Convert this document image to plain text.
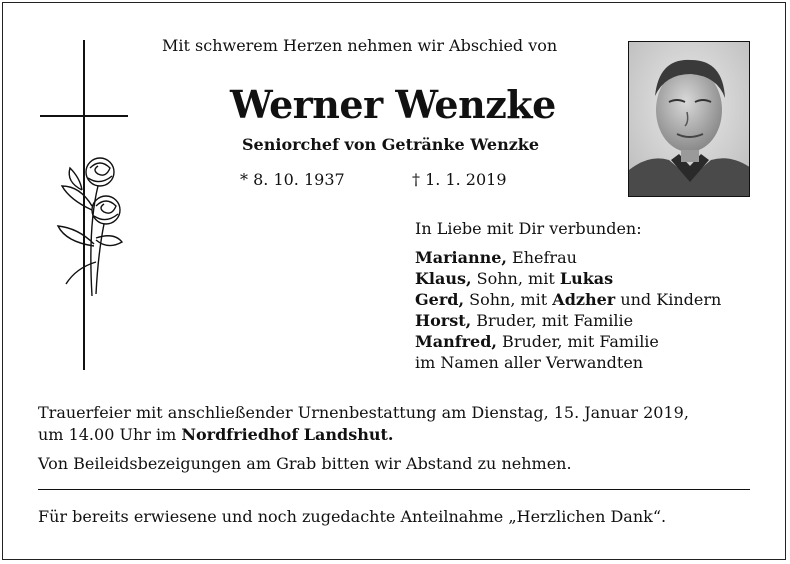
Mit schwerem Herzen nehmen wir Abschied von
Werner Wenzke
Seniorchef von Getränke Wenzke
* 8. 10. 1937	† 1. 1. 2019
In Liebe mit Dir verbunden:
Marianne, Ehefrau
Klaus, Sohn, mit Lukas
Gerd, Sohn, mit Adzher und Kindern
Horst, Bruder, mit Familie
Manfred, Bruder, mit Familie
im Namen aller Verwandten
Trauerfeier mit anschließender Urnenbestattung am Dienstag, 15. Januar 2019,
um 14.00 Uhr im Nordfriedhof Landshut.
Von Beileidsbezeigungen am Grab bitten wir Abstand zu nehmen.
Für bereits erwiesene und noch zugedachte Anteilnahme „Herzlichen Dank“.
